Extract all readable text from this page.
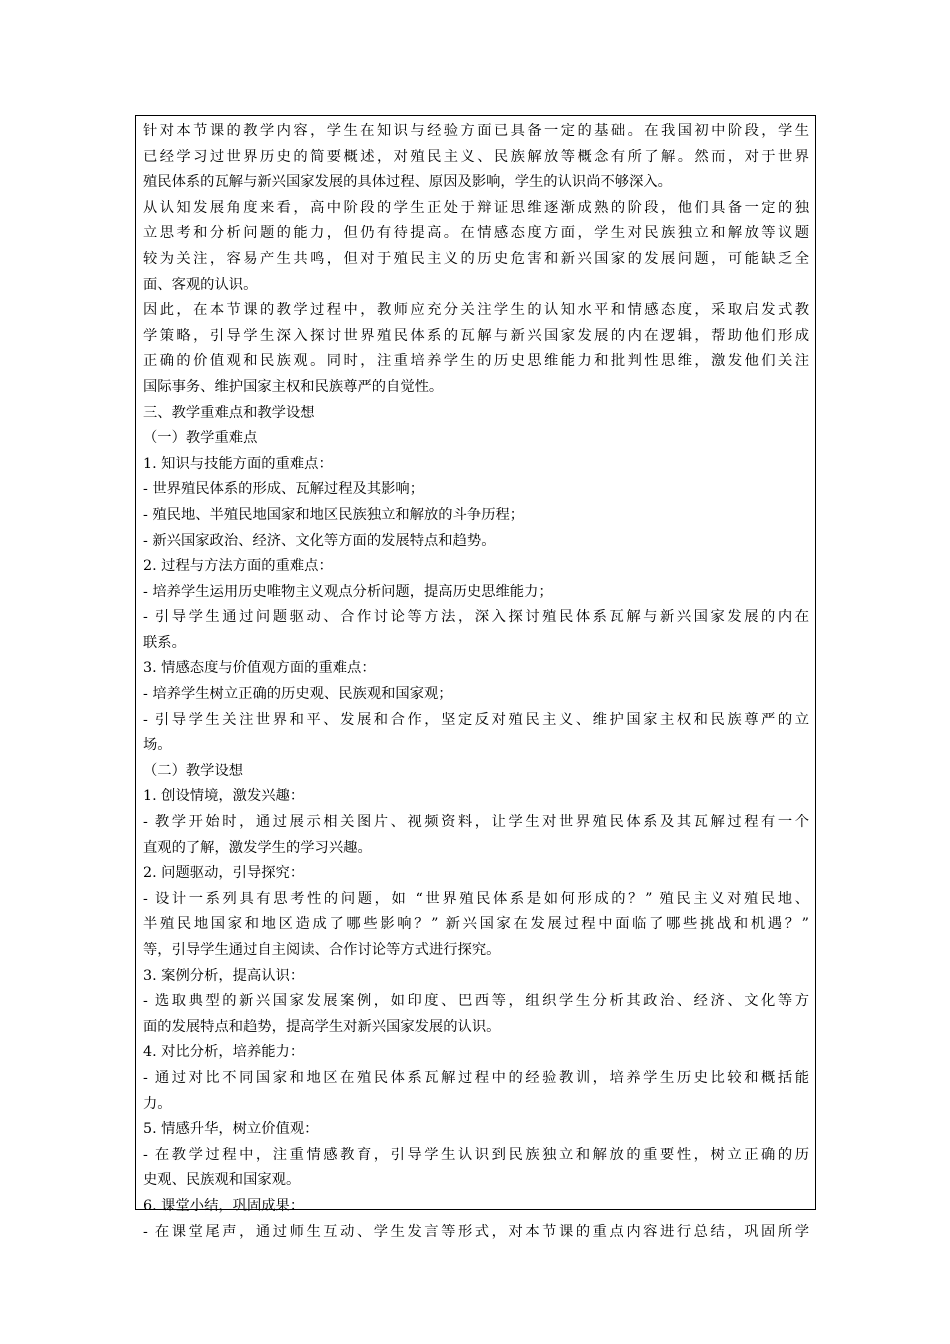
针对本节课的教学内容，学生在知识与经验方面已具备一定的基础。在我国初中阶段，学生
已经学习过世界历史的简要概述，对殖民主义、民族解放等概念有所了解。然而，对于世界
殖民体系的瓦解与新兴国家发展的具体过程、原因及影响，学生的认识尚不够深入。
从认知发展角度来看，高中阶段的学生正处于辩证思维逐渐成熟的阶段，他们具备一定的独
立思考和分析问题的能力，但仍有待提高。在情感态度方面，学生对民族独立和解放等议题
较为关注，容易产生共鸣，但对于殖民主义的历史危害和新兴国家的发展问题，可能缺乏全
面、客观的认识。
因此，在本节课的教学过程中，教师应充分关注学生的认知水平和情感态度，采取启发式教
学策略，引导学生深入探讨世界殖民体系的瓦解与新兴国家发展的内在逻辑，帮助他们形成
正确的价值观和民族观。同时，注重培养学生的历史思维能力和批判性思维，激发他们关注
国际事务、维护国家主权和民族尊严的自觉性。
三、教学重难点和教学设想
（一）教学重难点
1. 知识与技能方面的重难点：
- 世界殖民体系的形成、瓦解过程及其影响；
- 殖民地、半殖民地国家和地区民族独立和解放的斗争历程；
- 新兴国家政治、经济、文化等方面的发展特点和趋势。
2. 过程与方法方面的重难点：
- 培养学生运用历史唯物主义观点分析问题，提高历史思维能力；
- 引导学生通过问题驱动、合作讨论等方法，深入探讨殖民体系瓦解与新兴国家发展的内在
联系。
3. 情感态度与价值观方面的重难点：
- 培养学生树立正确的历史观、民族观和国家观；
- 引导学生关注世界和平、发展和合作，坚定反对殖民主义、维护国家主权和民族尊严的立
场。
（二）教学设想
1. 创设情境，激发兴趣：
- 教学开始时，通过展示相关图片、视频资料，让学生对世界殖民体系及其瓦解过程有一个
直观的了解，激发学生的学习兴趣。
2. 问题驱动，引导探究：
- 设计一系列具有思考性的问题，如 “世界殖民体系是如何形成的？” 殖民主义对殖民地、
半殖民地国家和地区造成了哪些影响？” 新兴国家在发展过程中面临了哪些挑战和机遇？”
等，引导学生通过自主阅读、合作讨论等方式进行探究。
3. 案例分析，提高认识：
- 选取典型的新兴国家发展案例，如印度、巴西等，组织学生分析其政治、经济、文化等方
面的发展特点和趋势，提高学生对新兴国家发展的认识。
4. 对比分析，培养能力：
- 通过对比不同国家和地区在殖民体系瓦解过程中的经验教训，培养学生历史比较和概括能
力。
5. 情感升华，树立价值观：
- 在教学过程中，注重情感教育，引导学生认识到民族独立和解放的重要性，树立正确的历
史观、民族观和国家观。
6. 课堂小结，巩固成果：
- 在课堂尾声，通过师生互动、学生发言等形式，对本节课的重点内容进行总结，巩固所学
